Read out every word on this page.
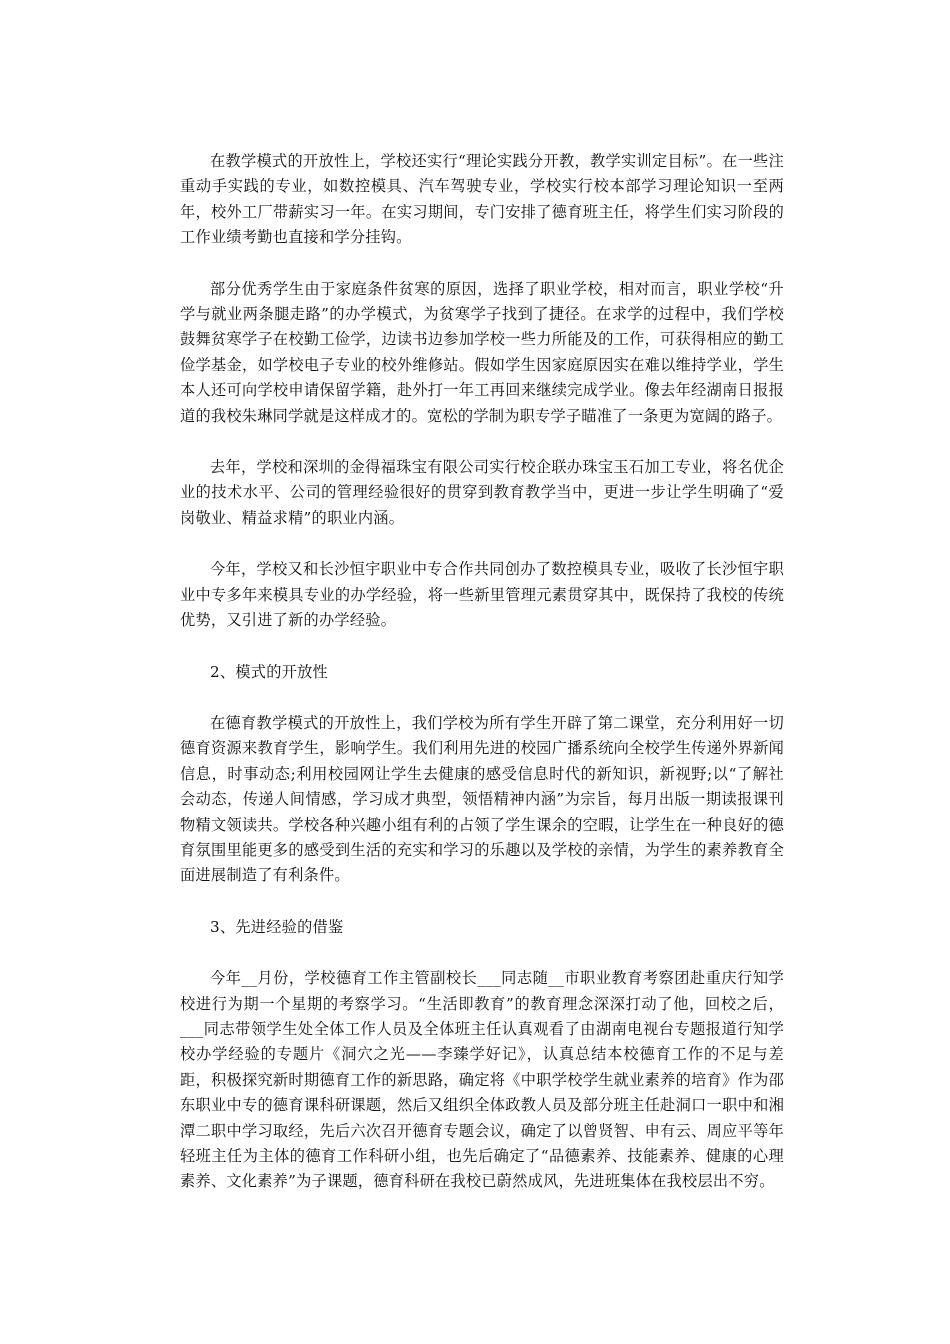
在教学模式的开放性上，学校还实行“理论实践分开教，教学实训定目标”。在一些注重动手实践的专业，如数控模具、汽车驾驶专业，学校实行校本部学习理论知识一至两年，校外工厂带薪实习一年。在实习期间，专门安排了德育班主任，将学生们实习阶段的工作业绩考勤也直接和学分挂钩。

部分优秀学生由于家庭条件贫寒的原因，选择了职业学校，相对而言，职业学校“升学与就业两条腿走路”的办学模式，为贫寒学子找到了捷径。在求学的过程中，我们学校鼓舞贫寒学子在校勤工俭学，边读书边参加学校一些力所能及的工作，可获得相应的勤工俭学基金，如学校电子专业的校外维修站。假如学生因家庭原因实在难以维持学业，学生本人还可向学校申请保留学籍，赴外打一年工再回来继续完成学业。像去年经湖南日报报道的我校朱琳同学就是这样成才的。宽松的学制为职专学子瞄准了一条更为宽阔的路子。

去年，学校和深圳的金得福珠宝有限公司实行校企联办珠宝玉石加工专业，将名优企业的技术水平、公司的管理经验很好的贯穿到教育教学当中，更进一步让学生明确了“爱岗敬业、精益求精”的职业内涵。

今年，学校又和长沙恒宇职业中专合作共同创办了数控模具专业，吸收了长沙恒宇职业中专多年来模具专业的办学经验，将一些新里管理元素贯穿其中，既保持了我校的传统优势，又引进了新的办学经验。

2、模式的开放性

在德育教学模式的开放性上，我们学校为所有学生开辟了第二课堂，充分利用好一切德育资源来教育学生，影响学生。我们利用先进的校园广播系统向全校学生传递外界新闻信息，时事动态;利用校园网让学生去健康的感受信息时代的新知识，新视野;以“了解社会动态，传递人间情感，学习成才典型，领悟精神内涵”为宗旨，每月出版一期读报课刊物精文领读共。学校各种兴趣小组有利的占领了学生课余的空暇，让学生在一种良好的德育氛围里能更多的感受到生活的充实和学习的乐趣以及学校的亲情，为学生的素养教育全面进展制造了有利条件。

3、先进经验的借鉴

今年__月份，学校德育工作主管副校长___同志随__市职业教育考察团赴重庆行知学校进行为期一个星期的考察学习。“生活即教育”的教育理念深深打动了他，回校之后，___同志带领学生处全体工作人员及全体班主任认真观看了由湖南电视台专题报道行知学校办学经验的专题片《洞穴之光——李臻学好记》，认真总结本校德育工作的不足与差距，积极探究新时期德育工作的新思路，确定将《中职学校学生就业素养的培育》作为邵东职业中专的德育课科研课题，然后又组织全体政教人员及部分班主任赴洞口一职中和湘潭二职中学习取经，先后六次召开德育专题会议，确定了以曾贤智、申有云、周应平等年轻班主任为主体的德育工作科研小组，也先后确定了“品德素养、技能素养、健康的心理素养、文化素养”为子课题，德育科研在我校已蔚然成风，先进班集体在我校层出不穷。
